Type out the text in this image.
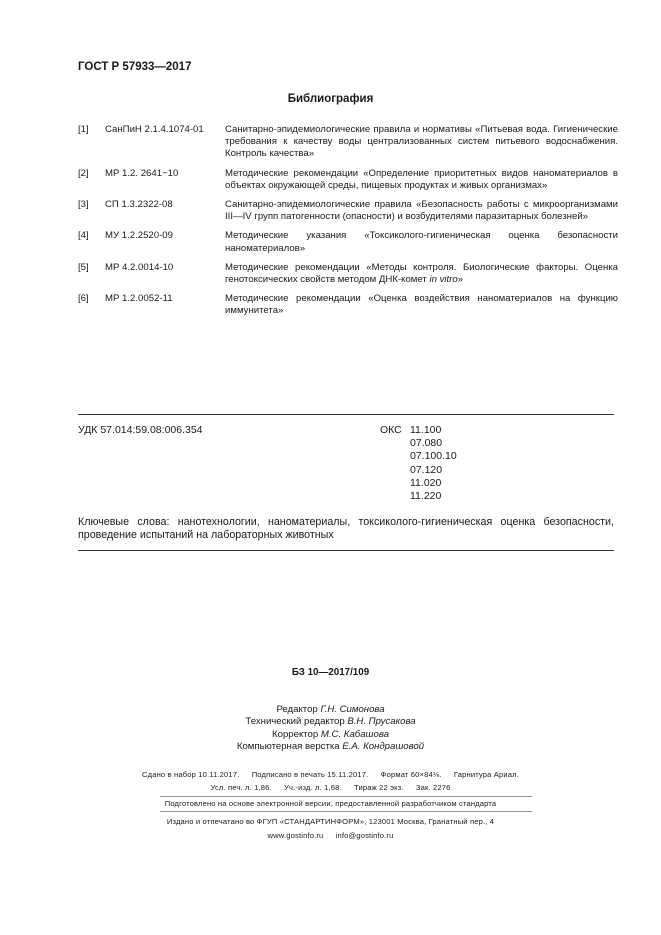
ГОСТ Р 57933—2017
Библиография
[1] СанПиН 2.1.4.1074-01 Санитарно-эпидемиологические правила и нормативы «Питьевая вода. Гигиенические требования к качеству воды централизованных систем питьевого водоснабжения. Контроль качества»
[2] МР 1.2. 2641−10	Методические рекомендации «Определение приоритетных видов наноматериалов в объектах окружающей среды, пищевых продуктах и живых организмах»
[3] СП 1.3.2322-08	Санитарно-эпидемиологические правила «Безопасность работы с микроорганизмами III—IV групп патогенности (опасности) и возбудителями паразитарных болезней»
[4] МУ 1.2.2520-09	Методические указания «Токсиколого-гигиеническая оценка безопасности наноматериалов»
[5] МР 4.2.0014-10	Методические рекомендации «Методы контроля. Биологические факторы. Оценка генотоксических свойств методом ДНК-комет in vitro»
[6] МР 1.2.0052-11	Методические рекомендации «Оценка воздействия наноматериалов на функцию иммунитета»
УДК 57.014:59.08:006.354	ОКС 11.100
07.080
07.100.10
07.120
11.020
11.220
Ключевые слова: нанотехнологии, наноматериалы, токсиколого-гигиеническая оценка безопасности, проведение испытаний на лабораторных животных
БЗ 10—2017/109
Редактор Г.Н. Симонова
Технический редактор В.Н. Прусакова
Корректор М.С. Кабашова
Компьютерная верстка Е.А. Кондрашовой
Сдано в набор 10.11.2017. Подписано в печать 15.11.2017. Формат 60×84⅛. Гарнитура Ариал.
Усл. печ. л. 1,86. Уч.-изд. л. 1,68. Тираж 22 экз. Зак. 2276
Подготовлено на основе электронной версии, предоставленной разработчиком стандарта
Издано и отпечатано во ФГУП «СТАНДАРТИНФОРМ», 123001 Москва, Гранатный пер., 4
www.gostinfo.ru info@gostinfo.ru
